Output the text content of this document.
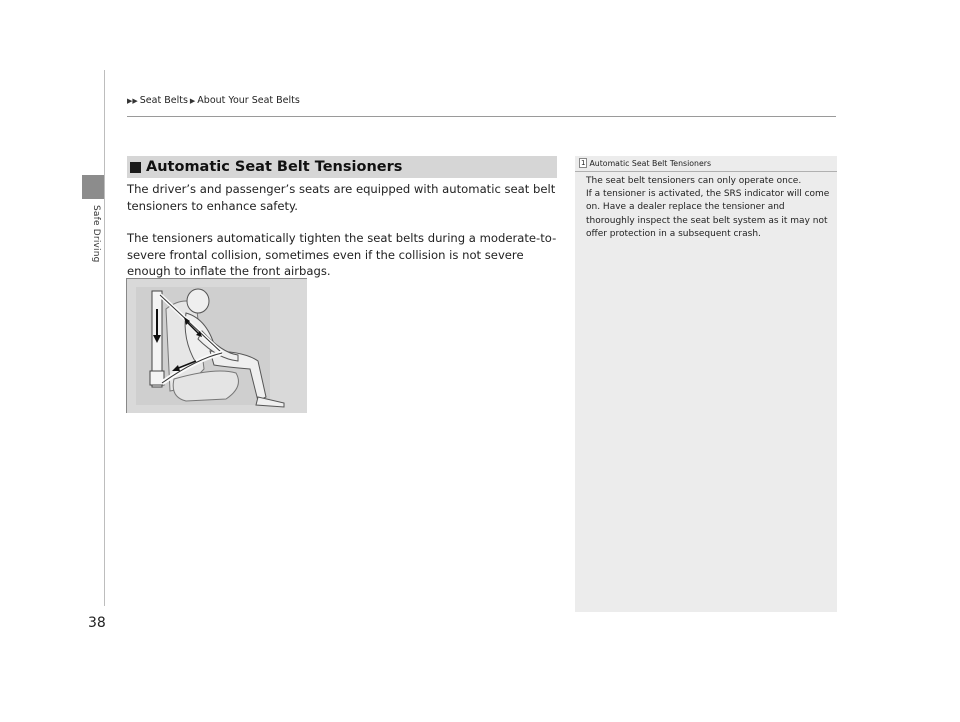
Safe Driving
▶▶ Seat Belts ▶ About Your Seat Belts
Automatic Seat Belt Tensioners
The driver’s and passenger’s seats are equipped with automatic seat belt tensioners to enhance safety.
The tensioners automatically tighten the seat belts during a moderate-to-severe frontal collision, sometimes even if the collision is not severe enough to inflate the front airbags.
1 Automatic Seat Belt Tensioners
The seat belt tensioners can only operate once.
If a tensioner is activated, the SRS indicator will come on. Have a dealer replace the tensioner and thoroughly inspect the seat belt system as it may not offer protection in a subsequent crash.
38
